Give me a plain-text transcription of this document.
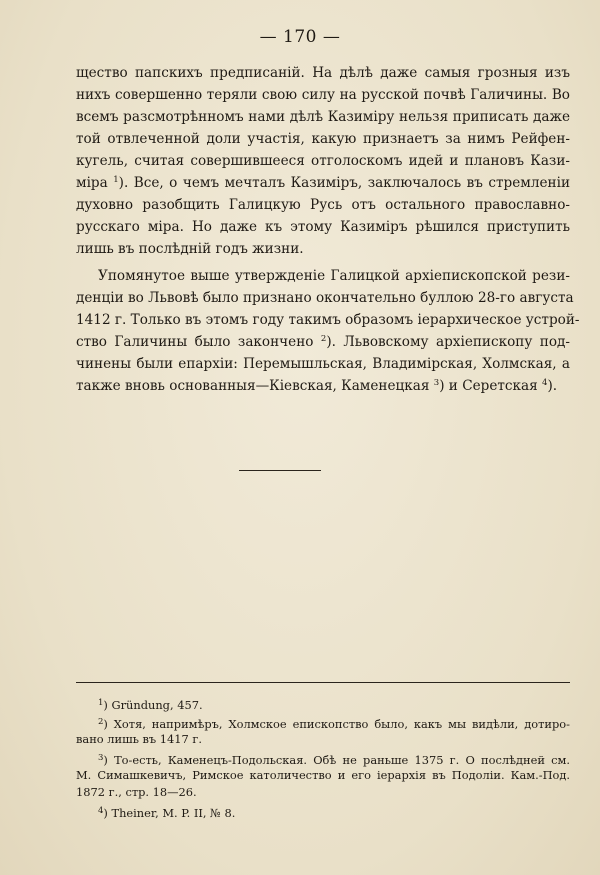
— 170 —
щество папскихъ предписаній. На дѣлѣ даже самыя грозныя изъ
нихъ совершенно теряли свою силу на русской почвѣ Галичины. Во
всемъ разсмотрѣнномъ нами дѣлѣ Казиміру нельзя приписать даже
той отвлеченной доли участія, какую признаетъ за нимъ Рейфен-
кугель, считая совершившееся отголоскомъ идей и плановъ Кази-
міра $^1$). Все, о чемъ мечталъ Казиміръ, заключалось въ стремленіи
духовно разобщить Галицкую Русь отъ остального православно-
русскаго міра. Но даже къ этому Казиміръ рѣшился приступить
лишь въ послѣдній годъ жизни.
Упомянутое выше утвержденіе Галицкой архіепископской рези-
денціи во Львовѣ было признано окончательно буллою 28-го августа
1412 г. Только въ этомъ году такимъ образомъ іерархическое устрой-
ство Галичины было закончено $^2$). Львовскому архіепископу под-
чинены были епархіи: Перемышльская, Владимірская, Холмская, а
также вновь основанныя—Кіевская, Каменецкая $^3$) и Серетская $^4$).
$^1$) Gründung, 457.
$^2$) Хотя, напримѣръ, Холмское епископство было, какъ мы видѣли, дотиро-
вано лишь въ 1417 г.
$^3$) То-есть, Каменецъ-Подольская. Обѣ не раньше 1375 г. О послѣдней см.
М. Симашкевичъ, Римское католичество и его іерархія въ Подоліи. Кам.-Под.
1872 г., стр. 18—26.
$^4$) Theiner, M. P. II, № 8.
